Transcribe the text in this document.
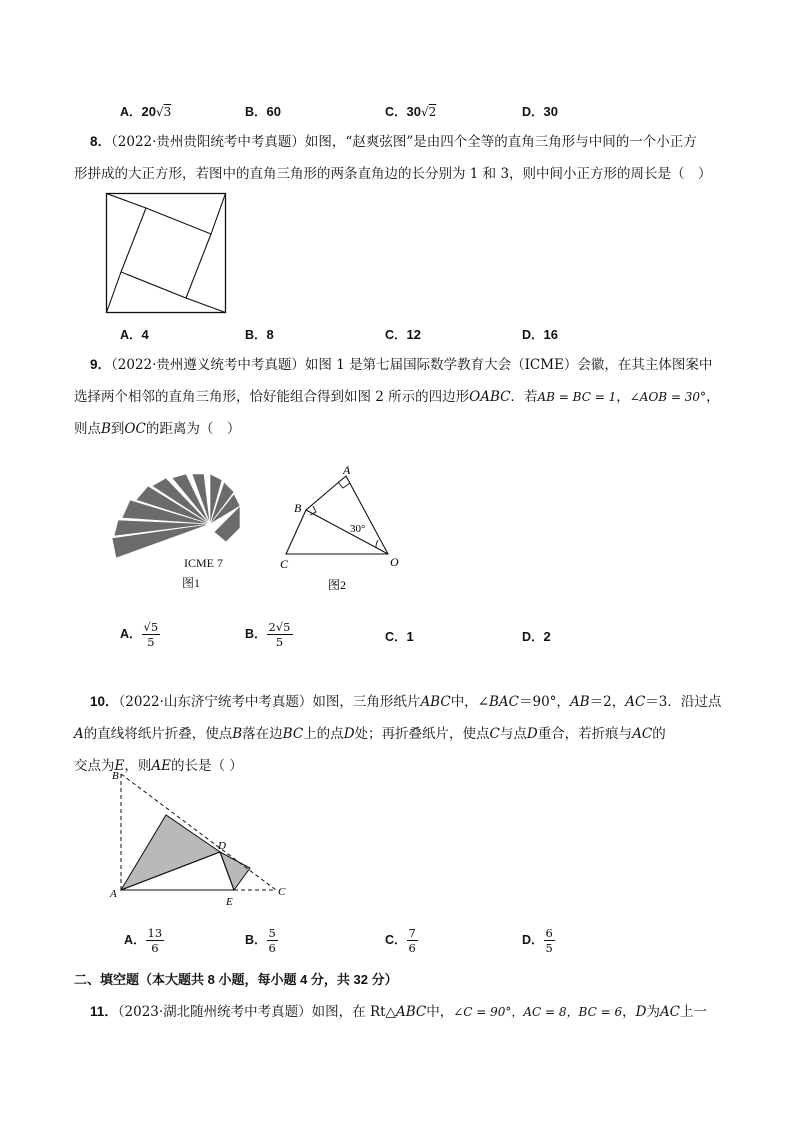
A．20√3	B．60	C．30√2	D．30
8．（2022·贵州贵阳统考中考真题）如图，“赵爽弦图”是由四个全等的直角三角形与中间的一个小正方
形拼成的大正方形，若图中的直角三角形的两条直角边的长分别为 1 和 3，则中间小正方形的周长是（　）
A．4	B．8	C．12	D．16
9．（2022·贵州遵义统考中考真题）如图 1 是第七届国际数学教育大会（ICME）会徽，在其主体图案中
选择两个相邻的直角三角形，恰好能组合得到如图 2 所示的四边形OABC．若AB = BC = 1，∠AOB = 30°，
则点B到OC的距离为（　）
ICME 7
图1
A
B
C	O
30°
图2
A． $\frac{√5}{5}$	B． $\frac{2√5}{5}$	C．1	D．2
10．（2022·山东济宁统考中考真题）如图，三角形纸片ABC中，∠BAC＝90°，AB＝2，AC＝3．沿过点
A的直线将纸片折叠，使点B落在边BC上的点D处；再折叠纸片，使点C与点D重合，若折痕与AC的
交点为E，则AE的长是（ ）
B
D
A
E
C
A． $\frac{13}{6}$	B． $\frac{5}{6}$	C． $\frac{7}{6}$	D． $\frac{6}{5}$
二、填空题（本大题共 8 小题，每小题 4 分，共 32 分）
11．（2023·湖北随州统考中考真题）如图，在 Rt△ABC中，∠C = 90°，AC = 8，BC = 6，D为AC上一
